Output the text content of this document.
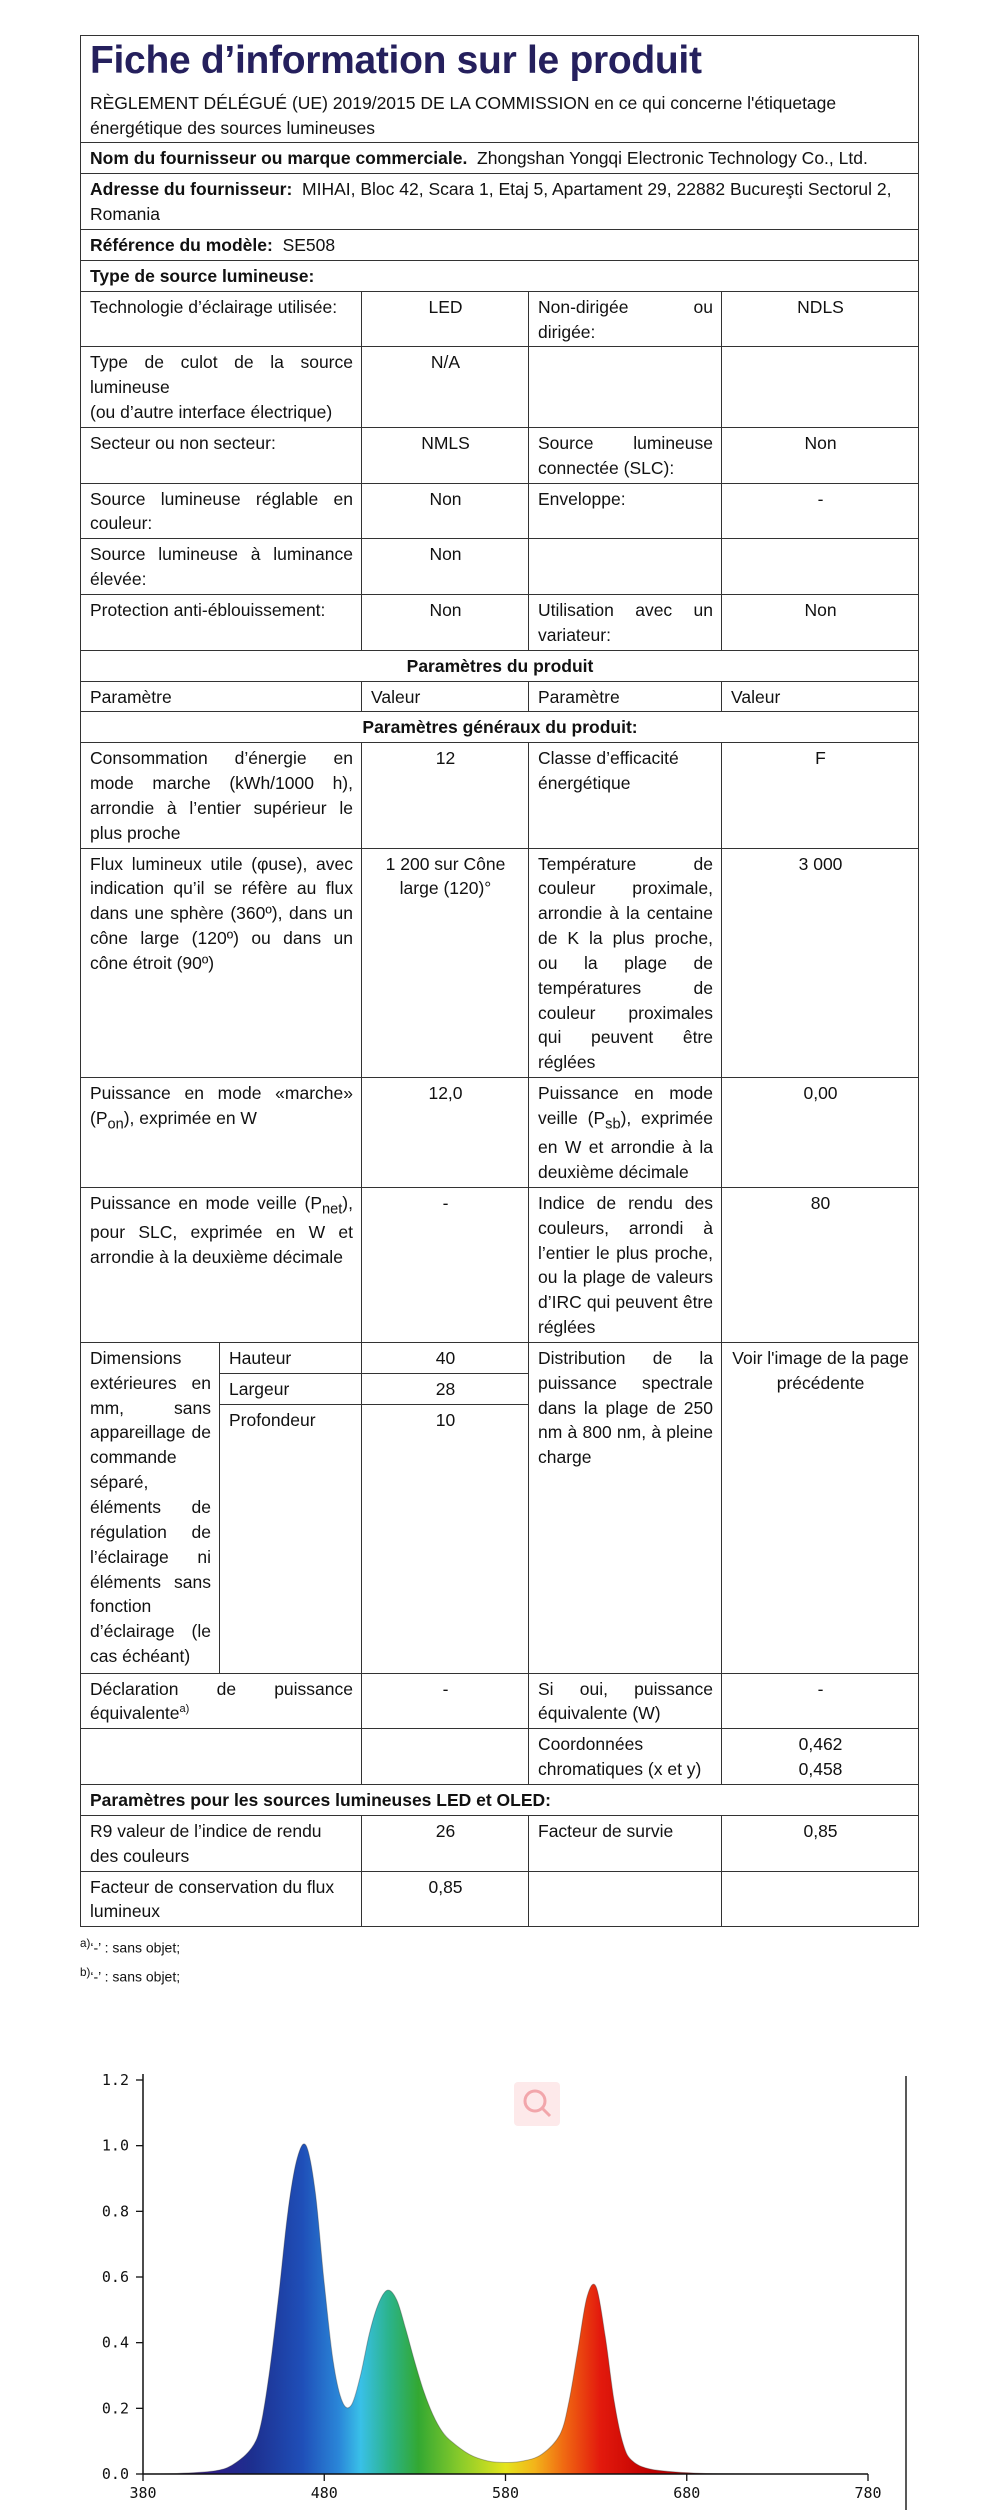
Fiche d’information sur le produit
RÈGLEMENT DÉLÉGUÉ (UE) 2019/2015 DE LA COMMISSION en ce qui concerne l'étiquetage énergétique des sources lumineuses				

Nom du fournisseur ou marque commerciale. Zhongshan Yongqi Electronic Technology Co., Ltd.				
Adresse du fournisseur: MIHAI, Bloc 42, Scara 1, Etaj 5, Apartament 29, 22882 Bucureşti Sectorul 2, Romania				
Référence du modèle: SE508				
Type de source lumineuse:				
Technologie d’éclairage utilisée:		LED	Non-dirigée ou dirigée:	NDLS

Type de culot de la source lumineuse
(ou d’autre interface électrique)		N/A		
Secteur ou non secteur:		NMLS	Source lumineuse connectée (SLC):	Non
Source lumineuse réglable en couleur:		Non	Enveloppe:	-
Source lumineuse à luminance élevée:		Non		
Protection anti-éblouissement:		Non	Utilisation avec un variateur:	Non
Paramètres du produit				
Paramètre		Valeur	Paramètre	Valeur
Paramètres généraux du produit:				
Consommation d’énergie en mode marche (kWh/1000 h), arrondie à l’entier supérieur le plus proche		12	Classe d’efficacité énergétique	F
Flux lumineux utile (φuse), avec indication qu’il se réfère au flux dans une sphère (360º), dans un cône large (120º) ou dans un cône étroit (90º)		1 200 sur Cône large (120)°	Température de couleur proximale, arrondie à la centaine de K la plus proche, ou la plage de températures de couleur proximales qui peuvent être réglées	3 000
Puissance en mode «marche» $(P_{on})$, exprimée en W		12,0	Puissance en mode veille $(P_{sb})$, exprimée en W et arrondie à la deuxième décimale	0,00
Puissance en mode veille $(P_{net})$, pour SLC, exprimée en W et arrondie à la deuxième décimale		-	Indice de rendu des couleurs, arrondi à l’entier le plus proche, ou la plage de valeurs d’IRC qui peuvent être réglées	80
Dimensions extérieures en mm, sans appareillage de commande séparé, éléments de régulation de l’éclairage ni éléments sans fonction d’éclairage (le cas échéant)	Hauteur	40	Distribution de la puissance spectrale dans la plage de 250 nm à 800 nm, à pleine charge	Voir l'image de la page précédente
	Largeur	28		
	Profondeur	10		
Déclaration de puissance équivalente$^{a)}$		-	Si oui, puissance équivalente (W)	-
			Coordonnées chromatiques (x et y)	0,462
0,458

Paramètres pour les sources lumineuses LED et OLED:				
R9 valeur de l’indice de rendu des couleurs		26	Facteur de survie	0,85
Facteur de conservation du flux lumineux		0,85		
$^{a)}$‘-’ : sans objet;
$^{b)}$‘-’ : sans objet;
0.0
0.2
0.4
0.6
0.8
1.0
1.2
380	480	580	680	780
